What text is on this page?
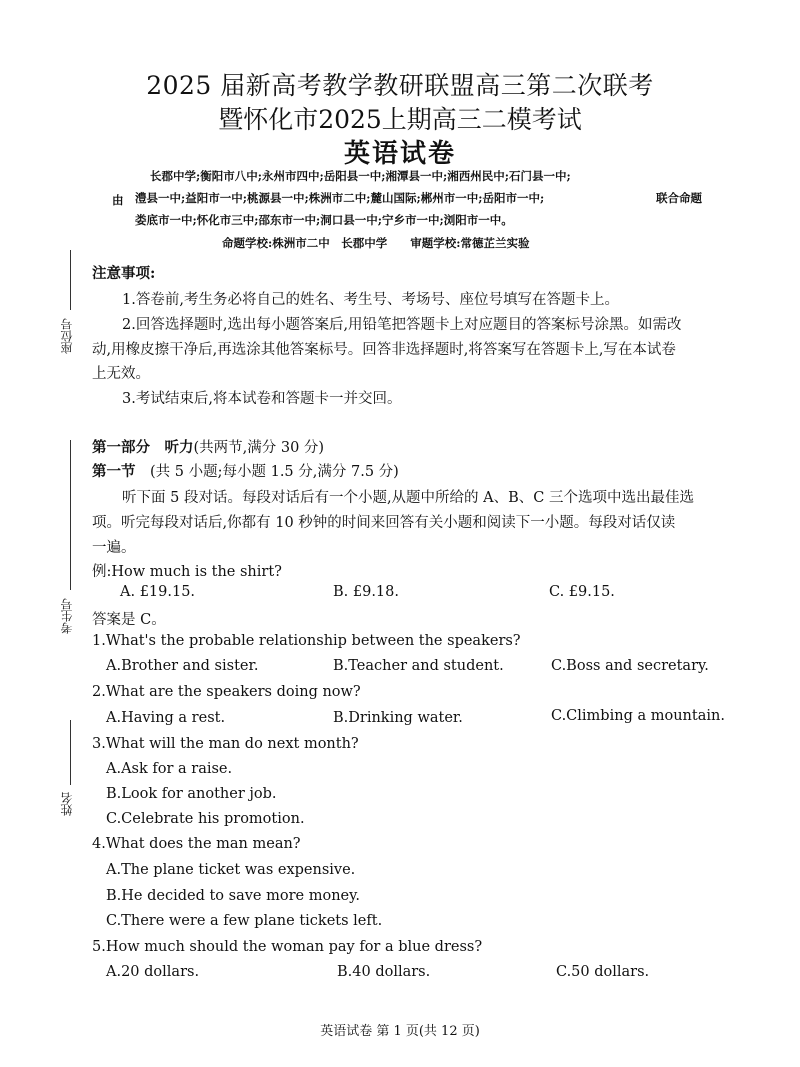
2025 届新高考教学教研联盟高三第二次联考
暨怀化市2025上期高三二模考试
英语试卷
长郡中学;衡阳市八中;永州市四中;岳阳县一中;湘潭县一中;湘西州民中;石门县一中;
由 澧县一中;益阳市一中;桃源县一中;株洲市二中;麓山国际;郴州市一中;岳阳市一中;	联合命题
娄底市一中;怀化市三中;邵东市一中;洞口县一中;宁乡市一中;浏阳市一中。
命题学校:株洲市二中　长郡中学　　审题学校:常德芷兰实验
座位号
考生号
姓名
注意事项:
1.答卷前,考生务必将自己的姓名、考生号、考场号、座位号填写在答题卡上。
2.回答选择题时,选出每小题答案后,用铅笔把答题卡上对应题目的答案标号涂黑。如需改
动,用橡皮擦干净后,再选涂其他答案标号。回答非选择题时,将答案写在答题卡上,写在本试卷
上无效。
3.考试结束后,将本试卷和答题卡一并交回。
第一部分　听力(共两节,满分 30 分)
第一节　(共 5 小题;每小题 1.5 分,满分 7.5 分)
听下面 5 段对话。每段对话后有一个小题,从题中所给的 A、B、C 三个选项中选出最佳选
项。听完每段对话后,你都有 10 秒钟的时间来回答有关小题和阅读下一小题。每段对话仅读
一遍。
例:How much is the shirt?
A. £19.15.	B. £9.18.	C. £9.15.
答案是 C。
1.What's the probable relationship between the speakers?
A.Brother and sister.	B.Teacher and student.	C.Boss and secretary.
2.What are the speakers doing now?
A.Having a rest.	B.Drinking water.	C.Climbing a mountain.
3.What will the man do next month?
A.Ask for a raise.
B.Look for another job.
C.Celebrate his promotion.
4.What does the man mean?
A.The plane ticket was expensive.
B.He decided to save more money.
C.There were a few plane tickets left.
5.How much should the woman pay for a blue dress?
A.20 dollars.	B.40 dollars.	C.50 dollars.
英语试卷 第 1 页(共 12 页)
